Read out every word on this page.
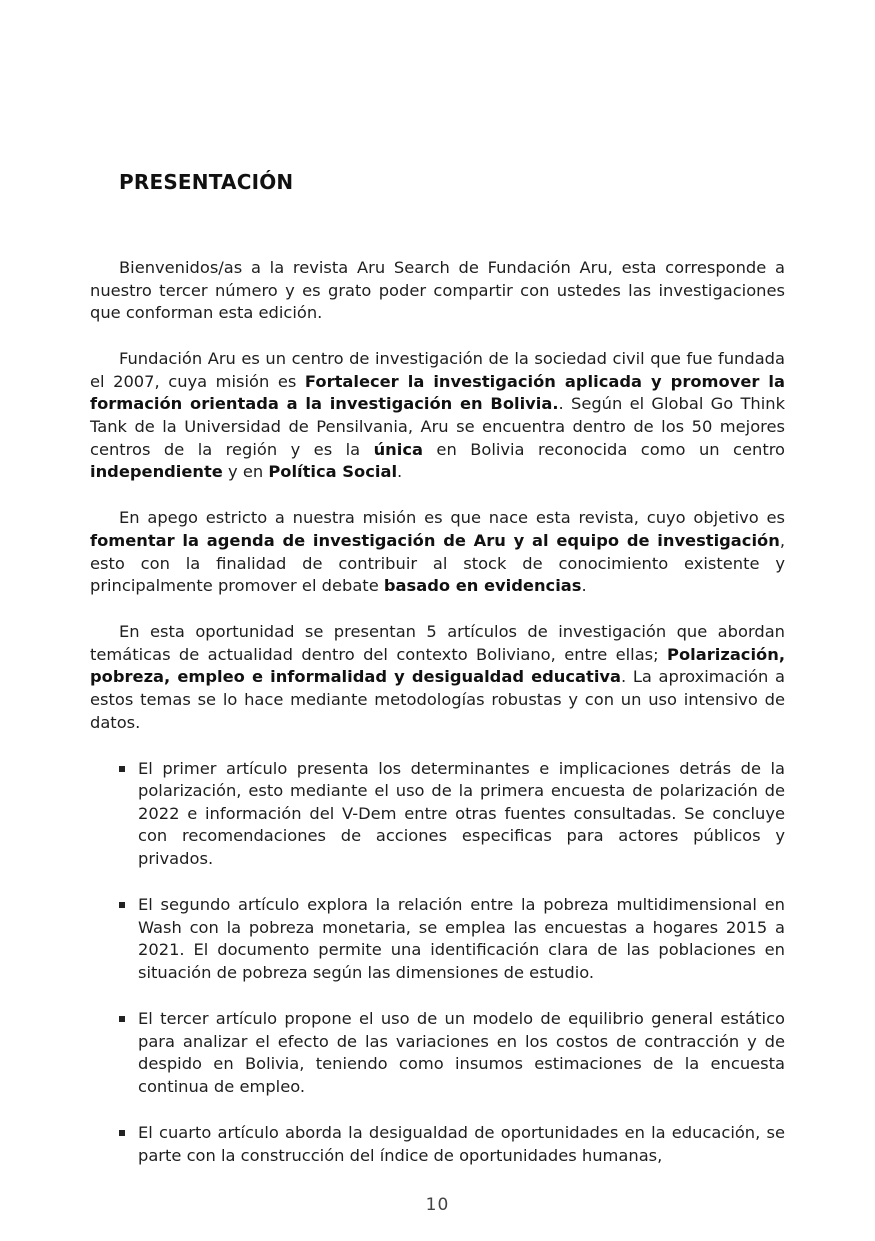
PRESENTACIÓN

Bienvenidos/as a la revista Aru Search de Fundación Aru, esta corresponde a nuestro tercer número y es grato poder compartir con ustedes las investigaciones que conforman esta edición.

Fundación Aru es un centro de investigación de la sociedad civil que fue fundada el 2007, cuya misión es Fortalecer la investigación aplicada y promover la formación orientada a la investigación en Bolivia.. Según el Global Go Think Tank de la Universidad de Pensilvania, Aru se encuentra dentro de los 50 mejores centros de la región y es la única en Bolivia reconocida como un centro independiente y en Política Social.

En apego estricto a nuestra misión es que nace esta revista, cuyo objetivo es fomentar la agenda de investigación de Aru y al equipo de investigación, esto con la finalidad de contribuir al stock de conocimiento existente y principalmente promover el debate basado en evidencias.

En esta oportunidad se presentan 5 artículos de investigación que abordan temáticas de actualidad dentro del contexto Boliviano, entre ellas; Polarización, pobreza, empleo e informalidad y desigualdad educativa. La aproximación a estos temas se lo hace mediante metodologías robustas y con un uso intensivo de datos.

El primer artículo presenta los determinantes e implicaciones detrás de la polarización, esto mediante el uso de la primera encuesta de polarización de 2022 e información del V-Dem entre otras fuentes consultadas. Se concluye con recomendaciones de acciones especificas para actores públicos y privados.
El segundo artículo explora la relación entre la pobreza multidimensional en Wash con la pobreza monetaria, se emplea las encuestas a hogares 2015 a 2021. El documento permite una identificación clara de las poblaciones en situación de pobreza según las dimensiones de estudio.
El tercer artículo propone el uso de un modelo de equilibrio general estático para analizar el efecto de las variaciones en los costos de contracción y de despido en Bolivia, teniendo como insumos estimaciones de la encuesta continua de empleo.
El cuarto artículo aborda la desigualdad de oportunidades en la educación, se parte con la construcción del índice de oportunidades humanas,
10
